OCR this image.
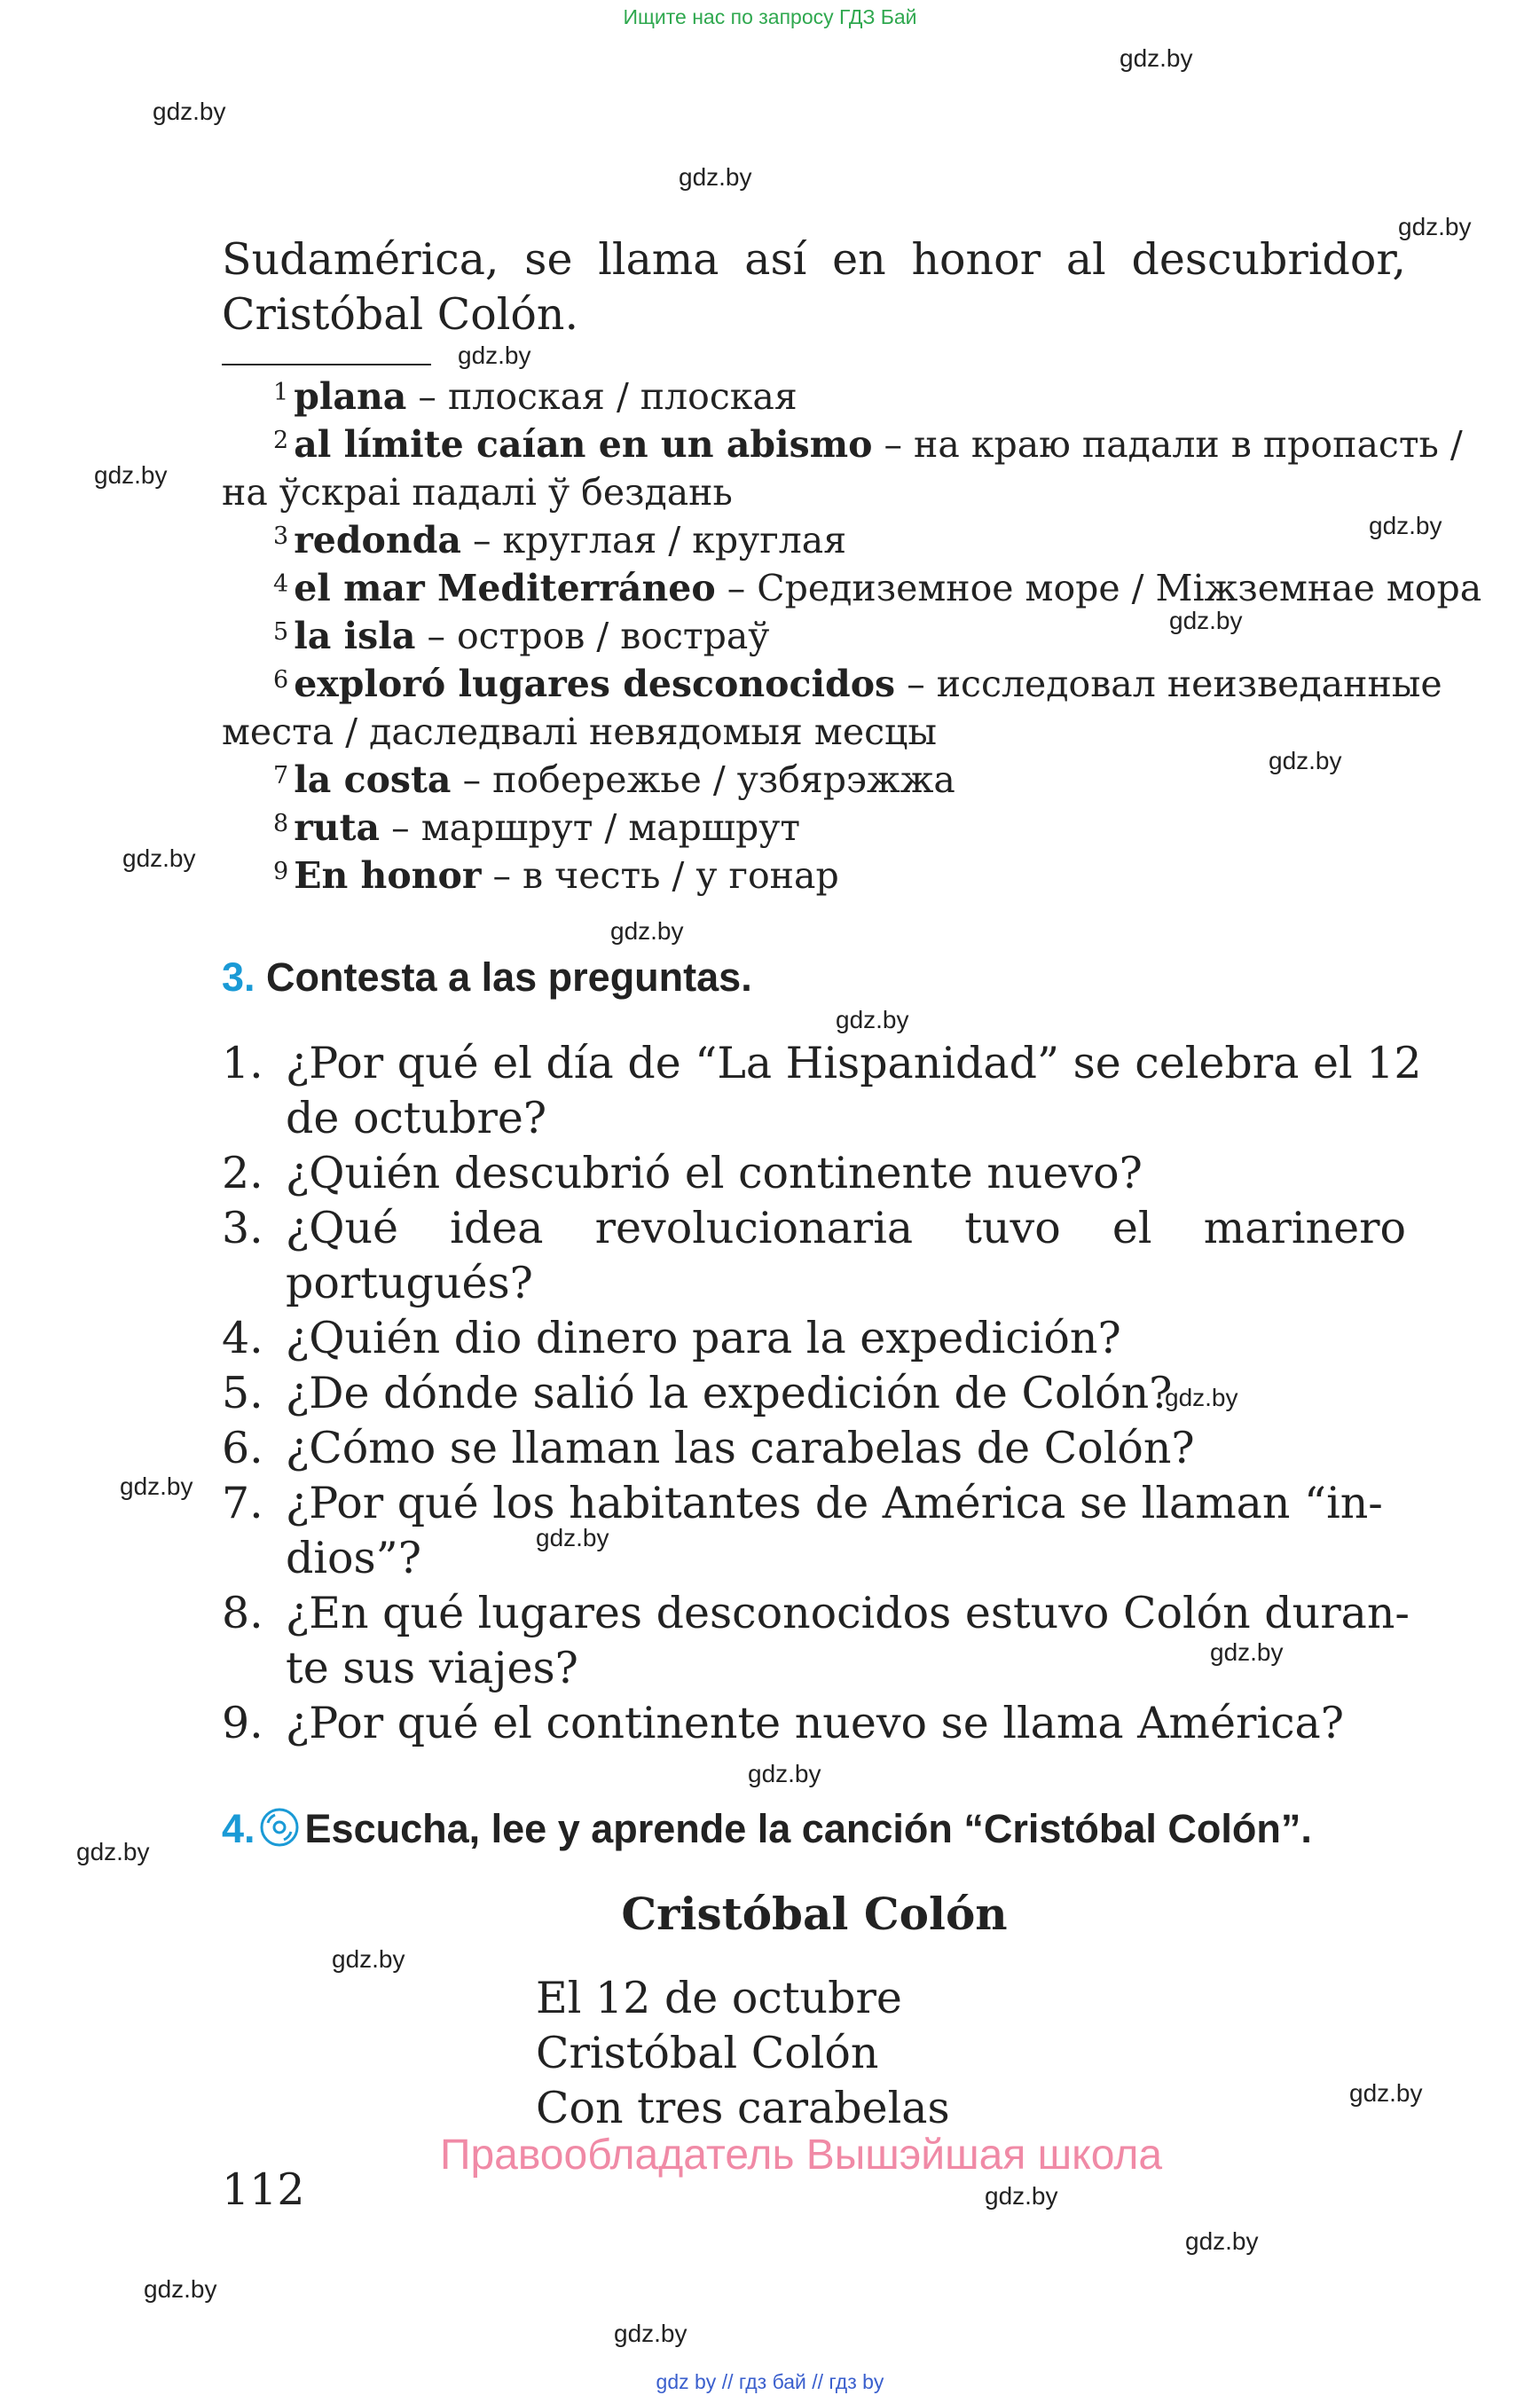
Ищите нас по запросу ГДЗ Бай
gdz by // гдз бай // гдз by
gdz.by
gdz.by
gdz.by
gdz.by
gdz.by
gdz.by
gdz.by
gdz.by
gdz.by
gdz.by
gdz.by
gdz.by
gdz.by
gdz.by
gdz.by
gdz.by
gdz.by
gdz.by
gdz.by
gdz.by
gdz.by
gdz.by
gdz.by
gdz.by
Sudamérica, se llama así en honor al descubridor,
Cristóbal Colón.
$^1$ plana – плоская / плоская
$^2$ al límite caían en un abismo – на краю падали в пропасть /
на ўскраі падалі ў бездань
$^3$ redonda – круглая / круглая
$^4$ el mar Mediterráneo – Средиземное море / Міжземнае мора
$^5$ la isla – остров / востраў
$^6$ exploró lugares desconocidos – исследовал неизведанные
места / даследвалі невядомыя месцы
$^7$ la costa – побережье / узбярэжжа
$^8$ ruta – маршрут / маршрут
$^9$ En honor – в честь / у гонар
3. Contesta a las preguntas.
1. ¿Por qué el día de “La Hispanidad” se celebra el 12
de octubre?
2. ¿Quién descubrió el continente nuevo?
3. ¿Qué idea revolucionaria tuvo el marinero
portugués?
4. ¿Quién dio dinero para la expedición?
5. ¿De dónde salió la expedición de Colón?
6. ¿Cómo se llaman las carabelas de Colón?
7. ¿Por qué los habitantes de América se llaman “in-
dios”?
8. ¿En qué lugares desconocidos estuvo Colón duran-
te sus viajes?
9. ¿Por qué el continente nuevo se llama América?
4. Escucha, lee y aprende la canción “Cristóbal Colón”.
Cristóbal Colón
El 12 de octubre
Cristóbal Colón
Con tres carabelas
Правообладатель Вышэйшая школа
112
